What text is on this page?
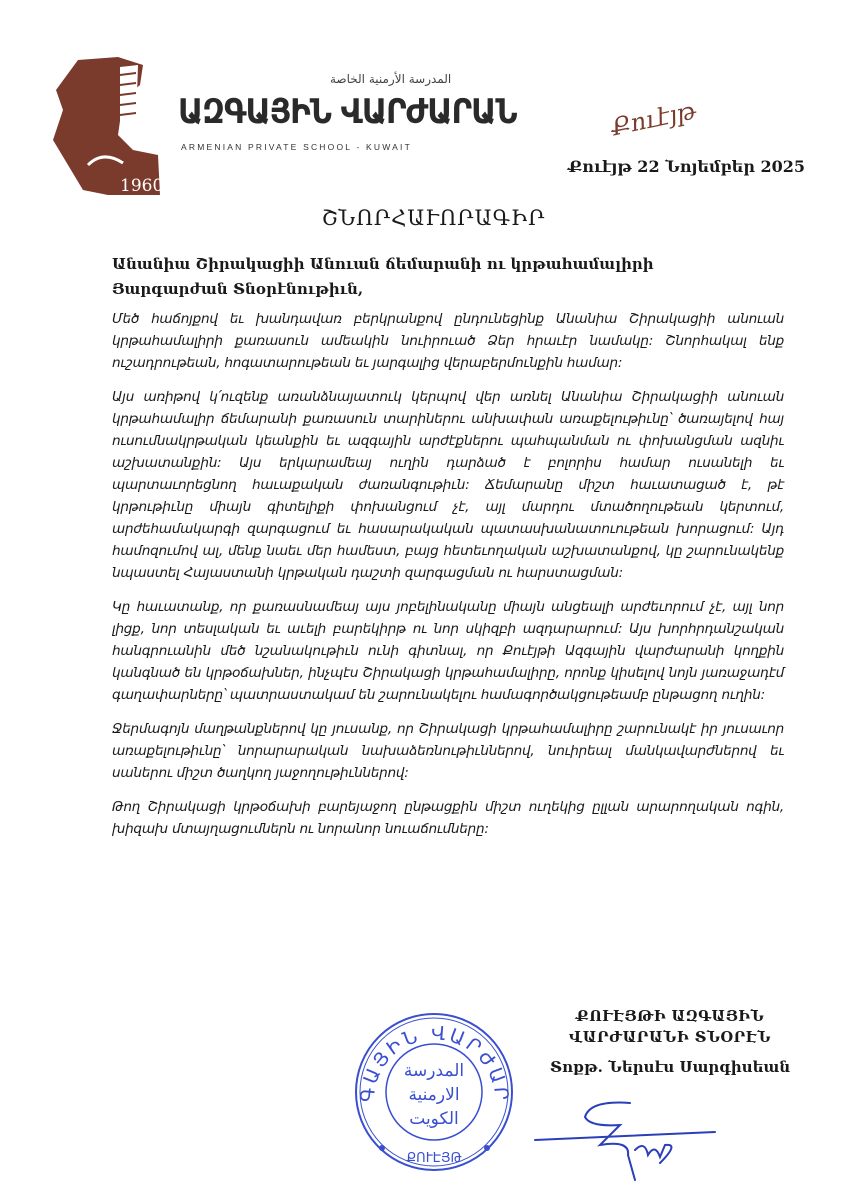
1960
المدرسة الأرمنية الخاصة
ԱԶԳԱՅԻՆ ՎԱՐԺԱՐԱՆ
ARMENIAN PRIVATE SCHOOL - KUWAIT
Քուէյթ
Քուէյթ 22 Նոյեմբեր 2025
ՇՆՈՐՀԱՒՈՐԱԳԻՐ
Անանիա Շիրակացիի Անուան ճեմարանի ու կրթահամալիրի
Յարգարժան Տնօրէնութիւն,

Մեծ հաճոյքով եւ խանդավառ բերկրանքով ընդունեցինք Անանիա Շիրակացիի անուան կրթահամալիրի քառասուն ամեակին նուիրուած Ձեր հրաւէր նամակը: Շնորհակալ ենք ուշադրութեան, հոգատարութեան եւ յարգալից վերաբերմունքին համար:

Այս առիթով կ՛ուզենք առանձնայատուկ կերպով վեր առնել Անանիա Շիրակացիի անուան կրթահամալիր ճեմարանի քառասուն տարիներու անխափան առաքելութիւնը՝ ծառայելով հայ ուսումնակրթական կեանքին եւ ազգային արժէքներու պահպանման ու փոխանցման ազնիւ աշխատանքին: Այս երկարամեայ ուղին դարձած է բոլորիս համար ուսանելի եւ պարտաւորեցնող հաւաքական ժառանգութիւն: Ճեմարանը միշտ հաւատացած է, թէ կրթութիւնը միայն գիտելիքի փոխանցում չէ, այլ մարդու մտածողութեան կերտում, արժեհամակարգի զարգացում եւ հասարակական պատասխանատուութեան խորացում: Այդ համոզումով ալ, մենք նաեւ մեր համեստ, բայց հետեւողական աշխատանքով, կը շարունակենք նպաստել Հայաստանի կրթական դաշտի զարգացման ու հարստացման:

Կը հաւատանք, որ քառասնամեայ այս յոբելինականը միայն անցեալի արժեւորում չէ, այլ նոր լիցք, նոր տեսլական եւ աւելի բարեկիրթ ու նոր սկիզբի ազդարարում: Այս խորհրդանշական հանգրուանին մեծ նշանակութիւն ունի գիտնալ, որ Քուէյթի Ազգային վարժարանի կողքին կանգնած են կրթօճախներ, ինչպէս Շիրակացի կրթահամալիրը, որոնք կիսելով նոյն յառաջադէմ գաղափարները՝ պատրաստակամ են շարունակելու համագործակցութեամբ ընթացող ուղին:

Ջերմագոյն մաղթանքներով կը յուսանք, որ Շիրակացի կրթահամալիրը շարունակէ իր յուսաւոր առաքելութիւնը՝ նորարարական նախաձեռնութիւններով, նուիրեալ մանկավարժներով եւ սաներու միշտ ծաղկող յաջողութիւններով:

Թող Շիրակացի կրթօճախի բարեյաջող ընթացքին միշտ ուղեկից ըլլան արարողական ոգին, խիզախ մտայղացումներն ու նորանոր նուաճումները:

ԳԱՅԻՆ ՎԱՐԺԱՐ
ՔՈՒԷՅԹ
المدرسة
الارمنية
الكويت
ՔՈՒԷՅԹԻ ԱԶԳԱՅԻՆ
ՎԱՐԺԱՐԱՆԻ ՏՆՕՐԷՆ
Տոքթ. Ներսէս Սարգիսեան
